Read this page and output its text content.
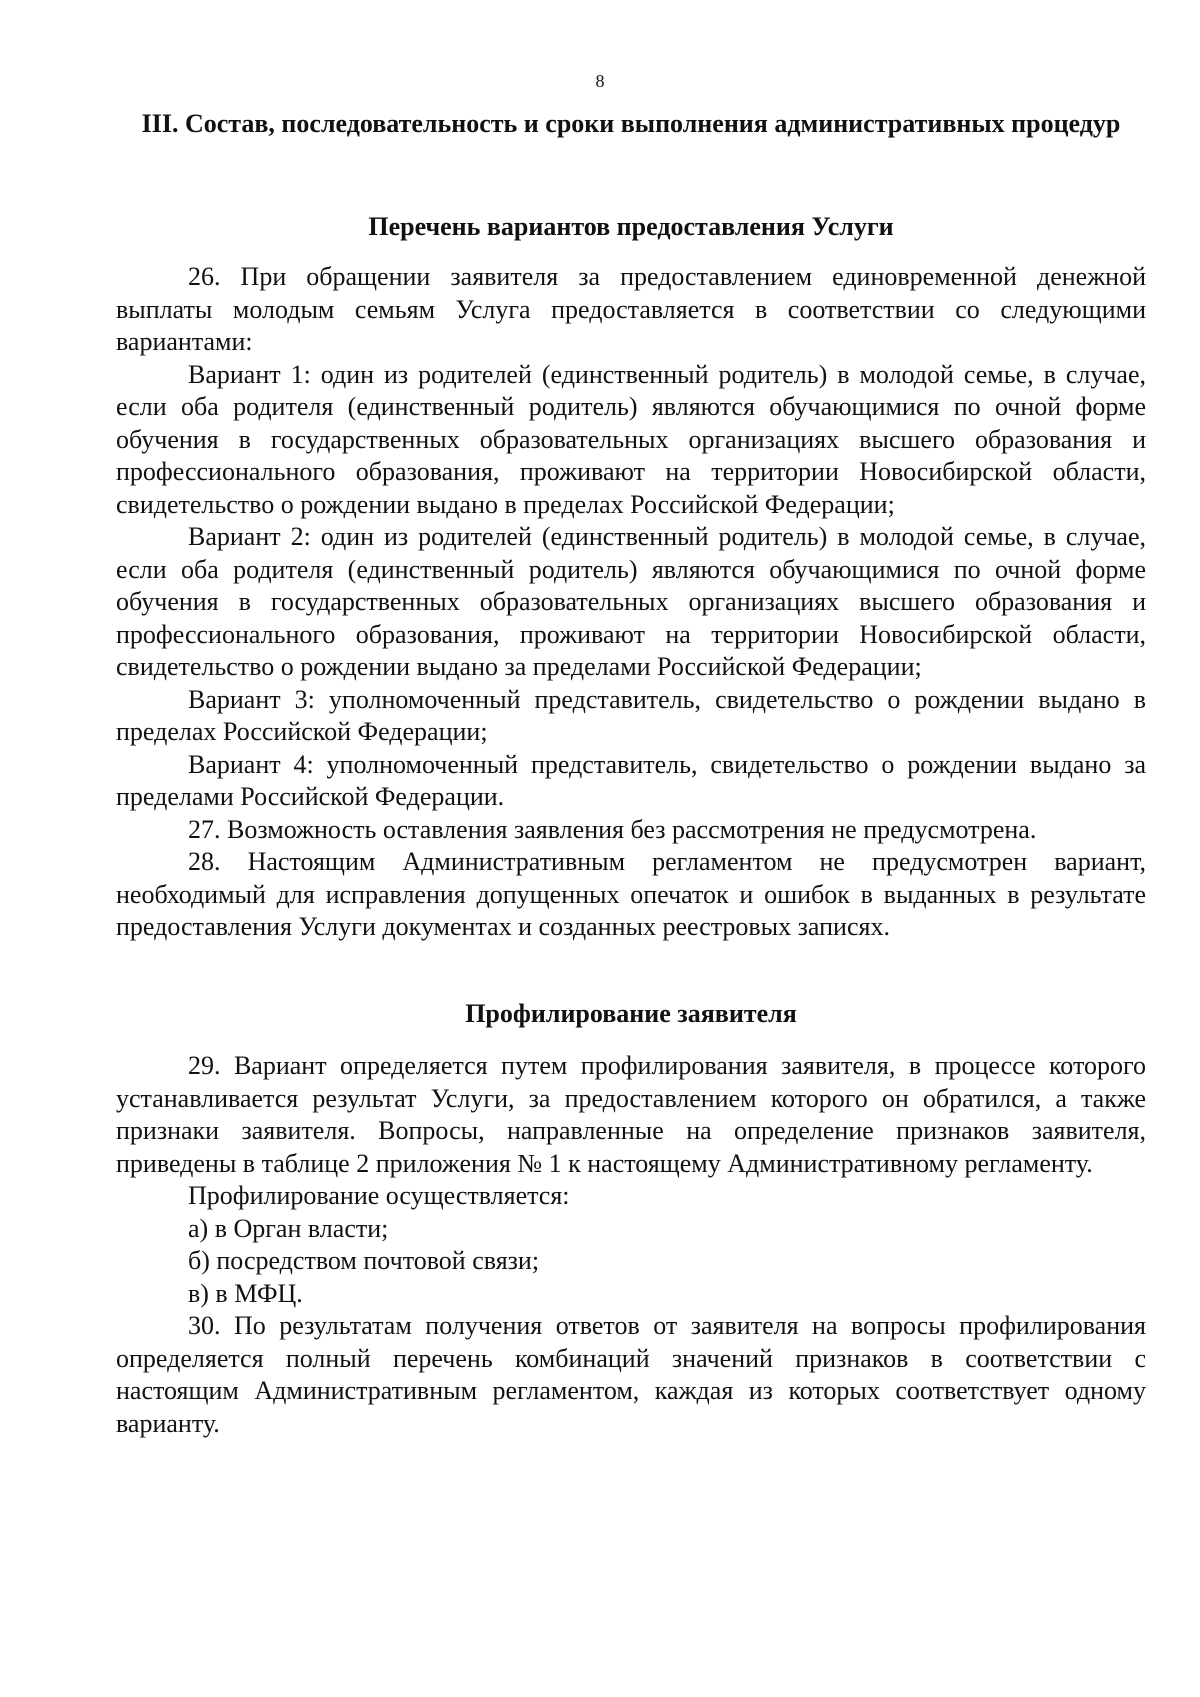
8
III. Состав, последовательность и сроки выполнения административных процедур
Перечень вариантов предоставления Услуги

26. При обращении заявителя за предоставлением единовременной денежной выплаты молодым семьям Услуга предоставляется в соответствии со следующими вариантами:

Вариант 1: один из родителей (единственный родитель) в молодой семье, в случае, если оба родителя (единственный родитель) являются обучающимися по очной форме обучения в государственных образовательных организациях высшего образования и профессионального образования, проживают на территории Новосибирской области, свидетельство о рождении выдано в пределах Российской Федерации;

Вариант 2: один из родителей (единственный родитель) в молодой семье, в случае, если оба родителя (единственный родитель) являются обучающимися по очной форме обучения в государственных образовательных организациях высшего образования и профессионального образования, проживают на территории Новосибирской области, свидетельство о рождении выдано за пределами Российской Федерации;

Вариант 3: уполномоченный представитель, свидетельство о рождении выдано в пределах Российской Федерации;

Вариант 4: уполномоченный представитель, свидетельство о рождении выдано за пределами Российской Федерации.

27. Возможность оставления заявления без рассмотрения не предусмотрена.

28. Настоящим Административным регламентом не предусмотрен вариант, необходимый для исправления допущенных опечаток и ошибок в выданных в результате предоставления Услуги документах и созданных реестровых записях.

Профилирование заявителя

29. Вариант определяется путем профилирования заявителя, в процессе которого устанавливается результат Услуги, за предоставлением которого он обратился, а также признаки заявителя. Вопросы, направленные на определение признаков заявителя, приведены в таблице 2 приложения № 1 к настоящему Административному регламенту.

Профилирование осуществляется:

а) в Орган власти;

б) посредством почтовой связи;

в) в МФЦ.

30. По результатам получения ответов от заявителя на вопросы профилирования определяется полный перечень комбинаций значений признаков в соответствии с настоящим Административным регламентом, каждая из которых соответствует одному варианту.
